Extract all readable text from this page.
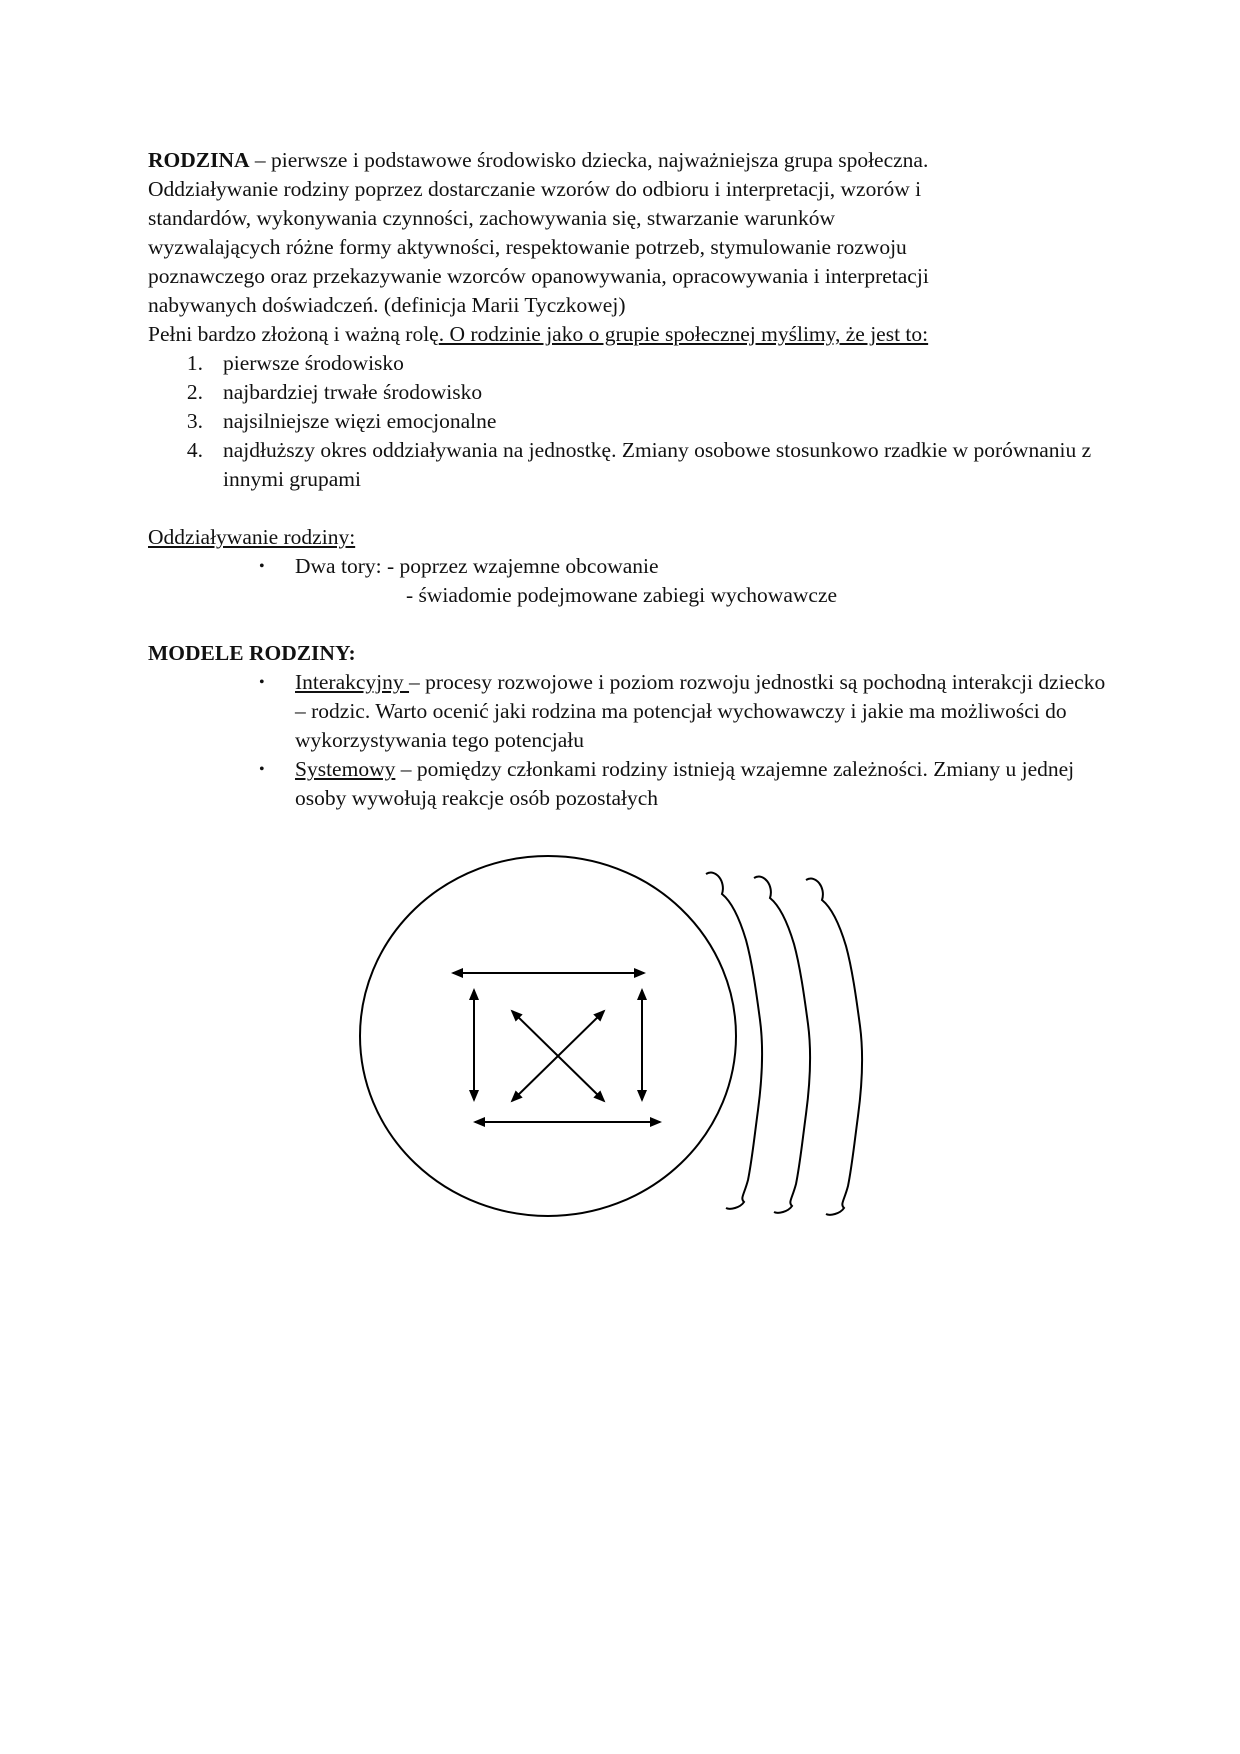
RODZINA – pierwsze i podstawowe środowisko dziecka, najważniejsza grupa społeczna.

Oddziaływanie rodziny poprzez dostarczanie wzorów do odbioru i interpretacji, wzorów i

standardów, wykonywania czynności, zachowywania się, stwarzanie warunków

wyzwalających różne formy aktywności, respektowanie potrzeb, stymulowanie rozwoju

poznawczego oraz przekazywanie wzorców opanowywania, opracowywania i interpretacji

nabywanych doświadczeń. (definicja Marii Tyczkowej)

Pełni bardzo złożoną i ważną rolę. O rodzinie jako o grupie społecznej myślimy, że jest to:

1. pierwsze środowisko
2. najbardziej trwałe środowisko
3. najsilniejsze więzi emocjonalne
4. najdłuższy okres oddziaływania na jednostkę. Zmiany osobowe stosunkowo rzadkie w porównaniu z innymi grupami

Oddziaływanie rodziny:

•	Dwa tory: - poprzez wzajemne obcowanie

- świadomie podejmowane zabiegi wychowawcze

MODELE RODZINY:

•	Interakcyjny – procesy rozwojowe i poziom rozwoju jednostki są pochodną interakcji dziecko – rodzic. Warto ocenić jaki rodzina ma potencjał wychowawczy i jakie ma możliwości do wykorzystywania tego potencjału
•	Systemowy – pomiędzy członkami rodziny istnieją wzajemne zależności. Zmiany u jednej osoby wywołują reakcje osób pozostałych
